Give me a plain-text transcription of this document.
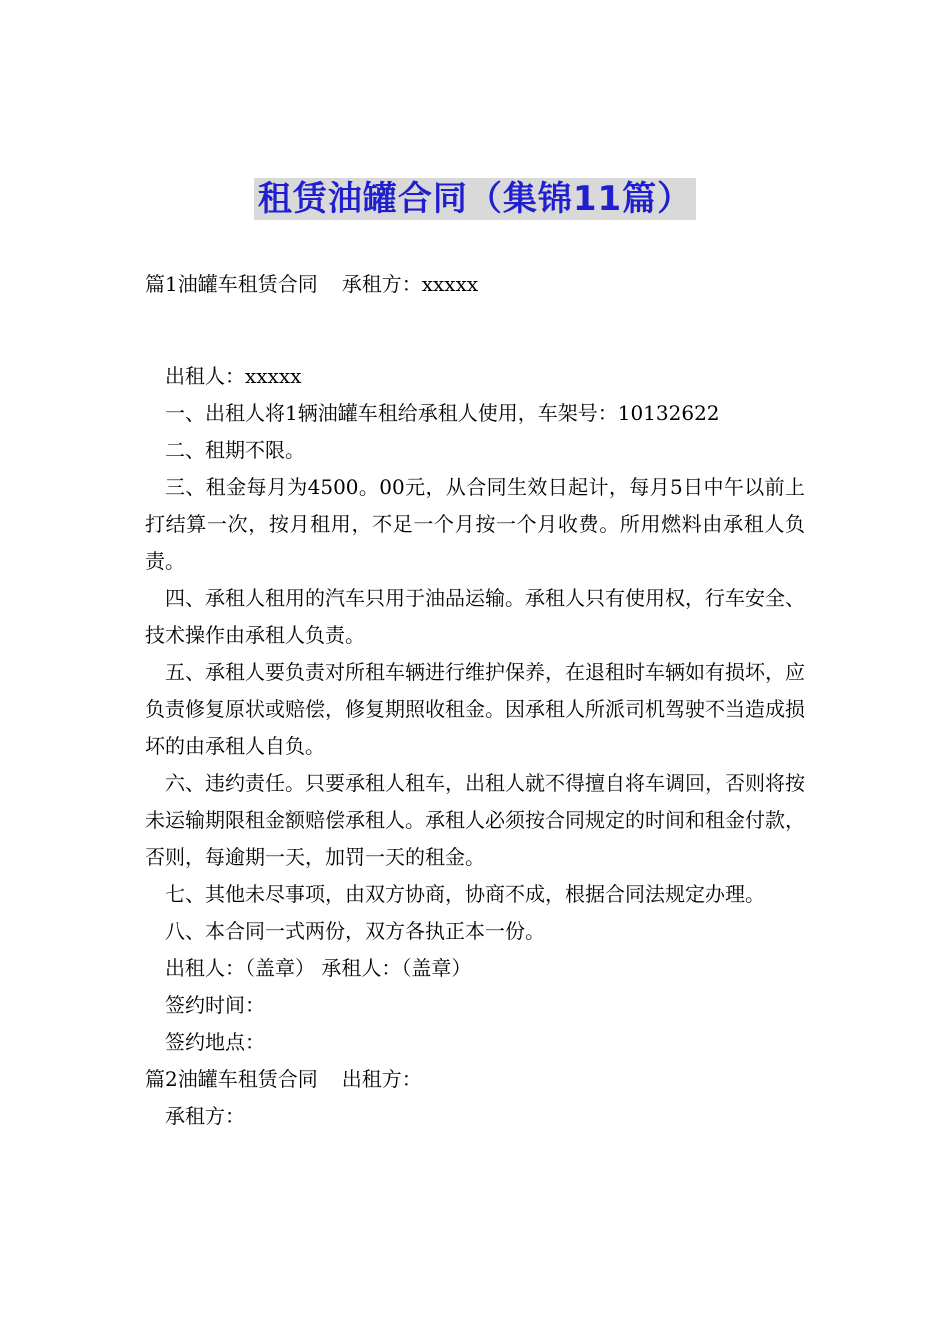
租赁油罐合同（集锦11篇）

篇1油罐车租赁合同 承租方：xxxxx

出租人：xxxxx

一、出租人将1辆油罐车租给承租人使用，车架号：10132622

二、租期不限。

三、租金每月为4500。00元，从合同生效日起计，每月5日中午以前上打结算一次，按月租用，不足一个月按一个月收费。所用燃料由承租人负责。

四、承租人租用的汽车只用于油品运输。承租人只有使用权，行车安全、技术操作由承租人负责。

五、承租人要负责对所租车辆进行维护保养，在退租时车辆如有损坏，应负责修复原状或赔偿，修复期照收租金。因承租人所派司机驾驶不当造成损坏的由承租人自负。

六、违约责任。只要承租人租车，出租人就不得擅自将车调回，否则将按未运输期限租金额赔偿承租人。承租人必须按合同规定的时间和租金付款，否则，每逾期一天，加罚一天的租金。

七、其他未尽事项，由双方协商，协商不成，根据合同法规定办理。

八、本合同一式两份，双方各执正本一份。

出租人：（盖章） 承租人：（盖章）

签约时间：

签约地点：

篇2油罐车租赁合同 出租方：

承租方：
